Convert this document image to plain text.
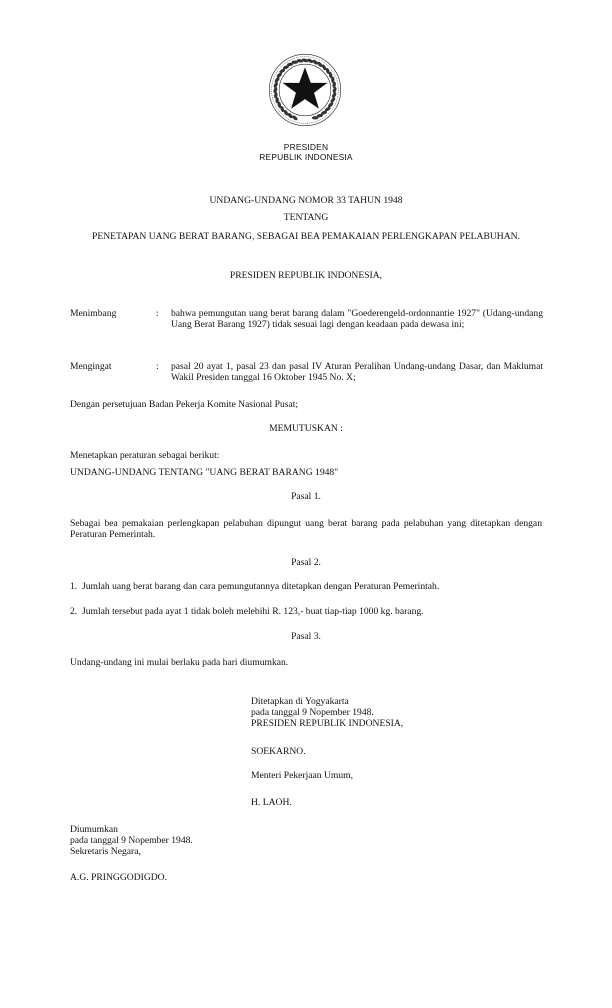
PRESIDEN
REPUBLIK INDONESIA
UNDANG-UNDANG NOMOR 33 TAHUN 1948
TENTANG
PENETAPAN UANG BERAT BARANG, SEBAGAI BEA PEMAKAIAN PERLENGKAPAN PELABUHAN.
PRESIDEN REPUBLIK INDONESIA,
Menimbang	: bahwa pemungutan uang berat barang dalam "Goederengeld-ordonnantie 1927" (Udang-undang Uang Berat Barang 1927) tidak sesuai lagi dengan keadaan pada dewasa ini;
Mengingat	: pasal 20 ayat 1, pasal 23 dan pasal IV Aturan Peralihan Undang-undang Dasar, dan Maklumat Wakil Presiden tanggal 16 Oktober 1945 No. X;
Dengan persetujuan Badan Pekerja Komite Nasional Pusat;
MEMUTUSKAN :
Menetapkan peraturan sebagai berikut:
UNDANG-UNDANG TENTANG "UANG BERAT BARANG 1948"
Pasal 1.
Sebagai bea pemakaian perlengkapan pelabuhan dipungut uang berat barang pada pelabuhan yang ditetapkan dengan Peraturan Pemerintah.
Pasal 2.
1. Jumlah uang berat barang dan cara pemungutannya ditetapkan dengan Peraturan Pemerintah.
2. Jumlah tersebut pada ayat 1 tidak boleh melebihi R. 123,- buat tiap-tiap 1000 kg. barang.
Pasal 3.
Undang-undang ini mulai berlaku pada hari diumumkan.
Ditetapkan di Yogyakarta
pada tanggal 9 Nopember 1948.
PRESIDEN REPUBLIK INDONESIA,
SOEKARNO.
Menteri Pekerjaan Umum,
H. LAOH.
Diumumkan
pada tanggal 9 Nopember 1948.
Sekretaris Negara,
A.G. PRINGGODIGDO.
